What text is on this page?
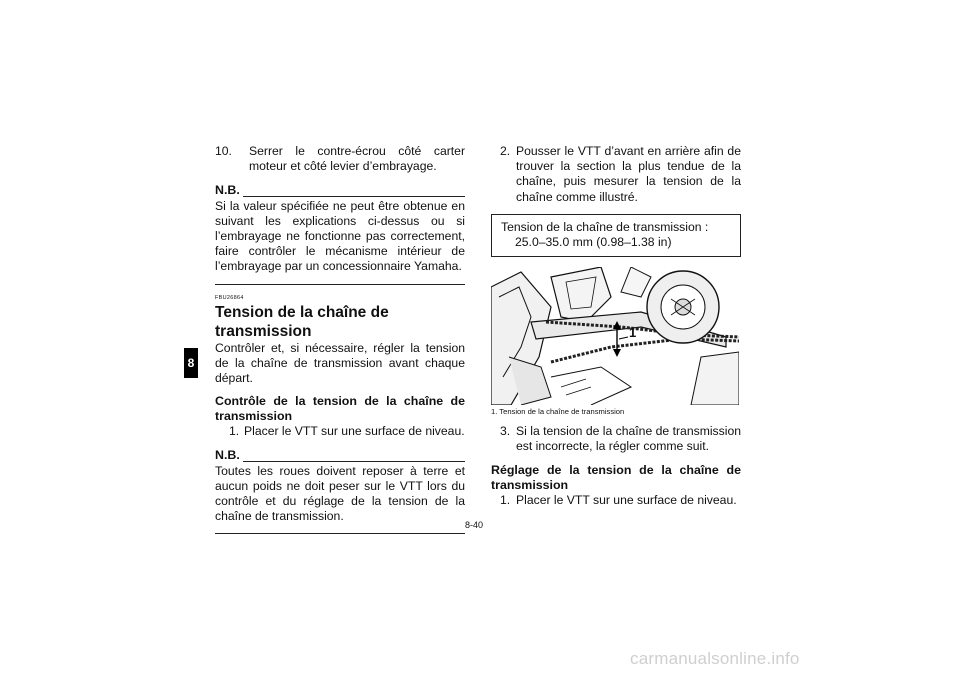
8
10.	Serrer le contre-écrou côté carter moteur et côté levier d’embrayage.
N.B.
Si la valeur spécifiée ne peut être obtenue en suivant les explications ci-dessus ou si l’embrayage ne fonctionne pas correctement, faire contrôler le mécanisme intérieur de l’embrayage par un concessionnaire Yamaha.
FBU26864
Tension de la chaîne de transmission
Contrôler et, si nécessaire, régler la tension de la chaîne de transmission avant chaque départ.
Contrôle de la tension de la chaîne de transmission
1. Placer le VTT sur une surface de niveau.
N.B.
Toutes les roues doivent reposer à terre et aucun poids ne doit peser sur le VTT lors du contrôle et du réglage de la tension de la chaîne de transmission.
2. Pousser le VTT d’avant en arrière afin de trouver la section la plus tendue de la chaîne, puis mesurer la tension de la chaîne comme illustré.
Tension de la chaîne de transmission :
25.0–35.0 mm (0.98–1.38 in)
1
1. Tension de la chaîne de transmission
3. Si la tension de la chaîne de transmission est incorrecte, la régler comme suit.
Réglage de la tension de la chaîne de transmission
1. Placer le VTT sur une surface de niveau.
8-40
carmanualsonline.info
